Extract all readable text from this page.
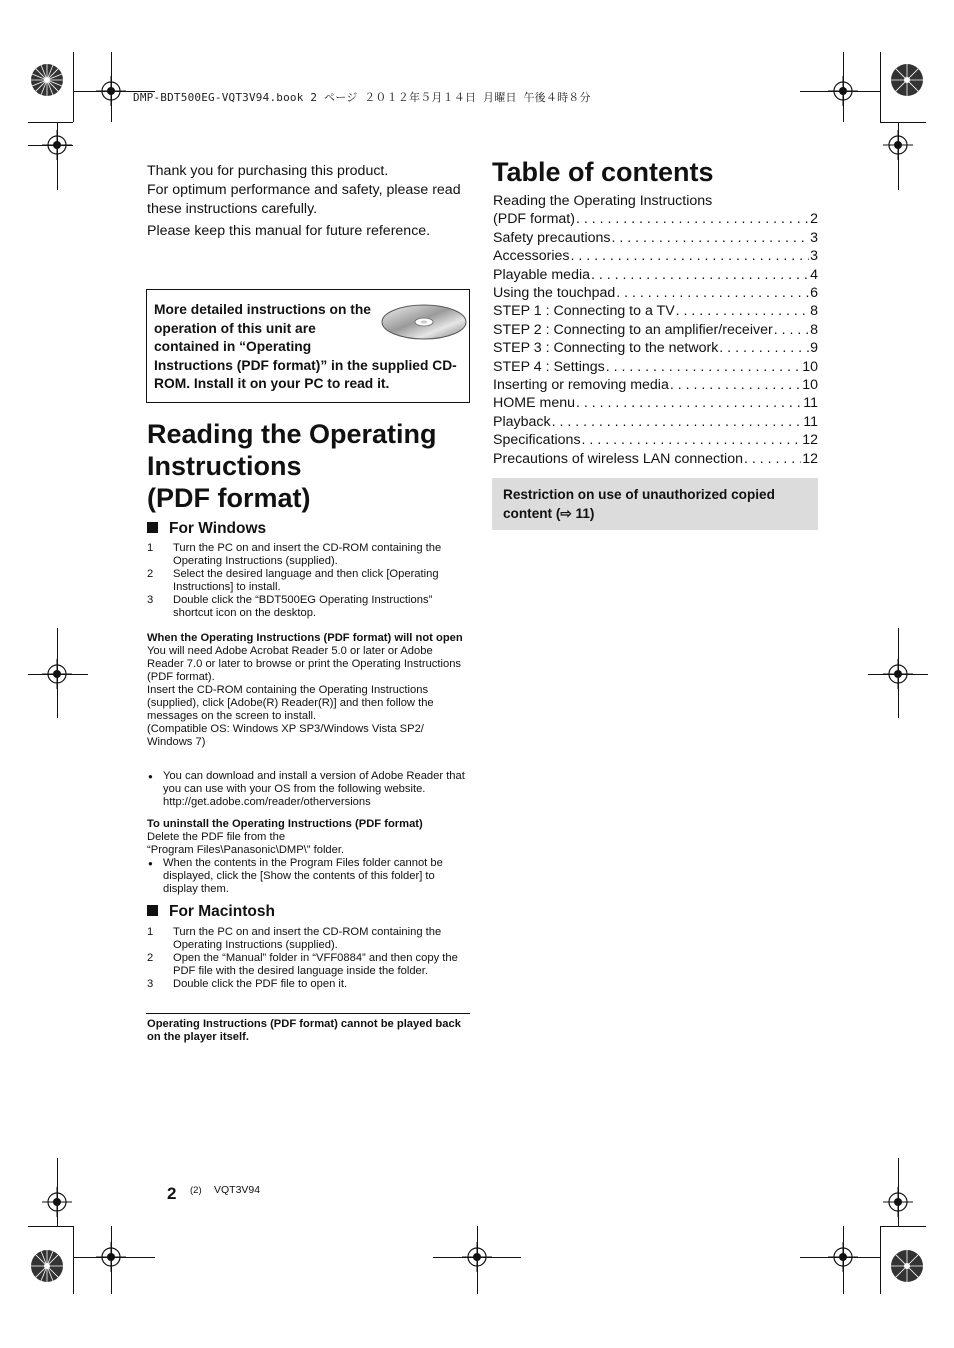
DMP-BDT500EG-VQT3V94.book 2 ページ ２０１２年５月１４日 月曜日 午後４時８分

Thank you for purchasing this product.

For optimum performance and safety, please read these instructions carefully.

Please keep this manual for future reference.

More detailed instructions on the operation of this unit are contained in “Operating
Instructions (PDF format)” in the supplied CD-ROM. Install it on your PC to read it.
Reading the Operating
Instructions
(PDF format)
For Windows
1 Turn the PC on and insert the CD-ROM containing the Operating Instructions (supplied).
2 Select the desired language and then click [Operating Instructions] to install.
3 Double click the “BDT500EG Operating Instructions” shortcut icon on the desktop.

When the Operating Instructions (PDF format) will not open

You will need Adobe Acrobat Reader 5.0 or later or Adobe Reader 7.0 or later to browse or print the Operating Instructions (PDF format).

Insert the CD-ROM containing the Operating Instructions (supplied), click [Adobe(R) Reader(R)] and then follow the messages on the screen to install.

(Compatible OS: Windows XP SP3/Windows Vista SP2/ Windows 7)

● You can download and install a version of Adobe Reader that you can use with your OS from the following website.
http://get.adobe.com/reader/otherversions

To uninstall the Operating Instructions (PDF format)

Delete the PDF file from the

“Program Files\Panasonic\DMP\” folder.

● When the contents in the Program Files folder cannot be displayed, click the [Show the contents of this folder] to display them.

For Macintosh
1 Turn the PC on and insert the CD-ROM containing the Operating Instructions (supplied).
2 Open the “Manual” folder in “VFF0884” and then copy the PDF file with the desired language inside the folder.
3 Double click the PDF file to open it.

Operating Instructions (PDF format) cannot be played back on the player itself.

2 (2) VQT3V94
Table of contents
Reading the Operating Instructions
(PDF format) . . .	2
Safety precautions . . .	3
Accessories . . .	3
Playable media . . .	4
Using the touchpad . . .	6
STEP 1 : Connecting to a TV . . .	8
STEP 2 : Connecting to an amplifier/receiver . . .	8
STEP 3 : Connecting to the network . . .	9
STEP 4 : Settings . . .	10
Inserting or removing media . . .	10
HOME menu . . .	11
Playback . . .	11
Specifications . . .	12
Precautions of wireless LAN connection . . .	12
Restriction on use of unauthorized copied
content (⇨ 11)
